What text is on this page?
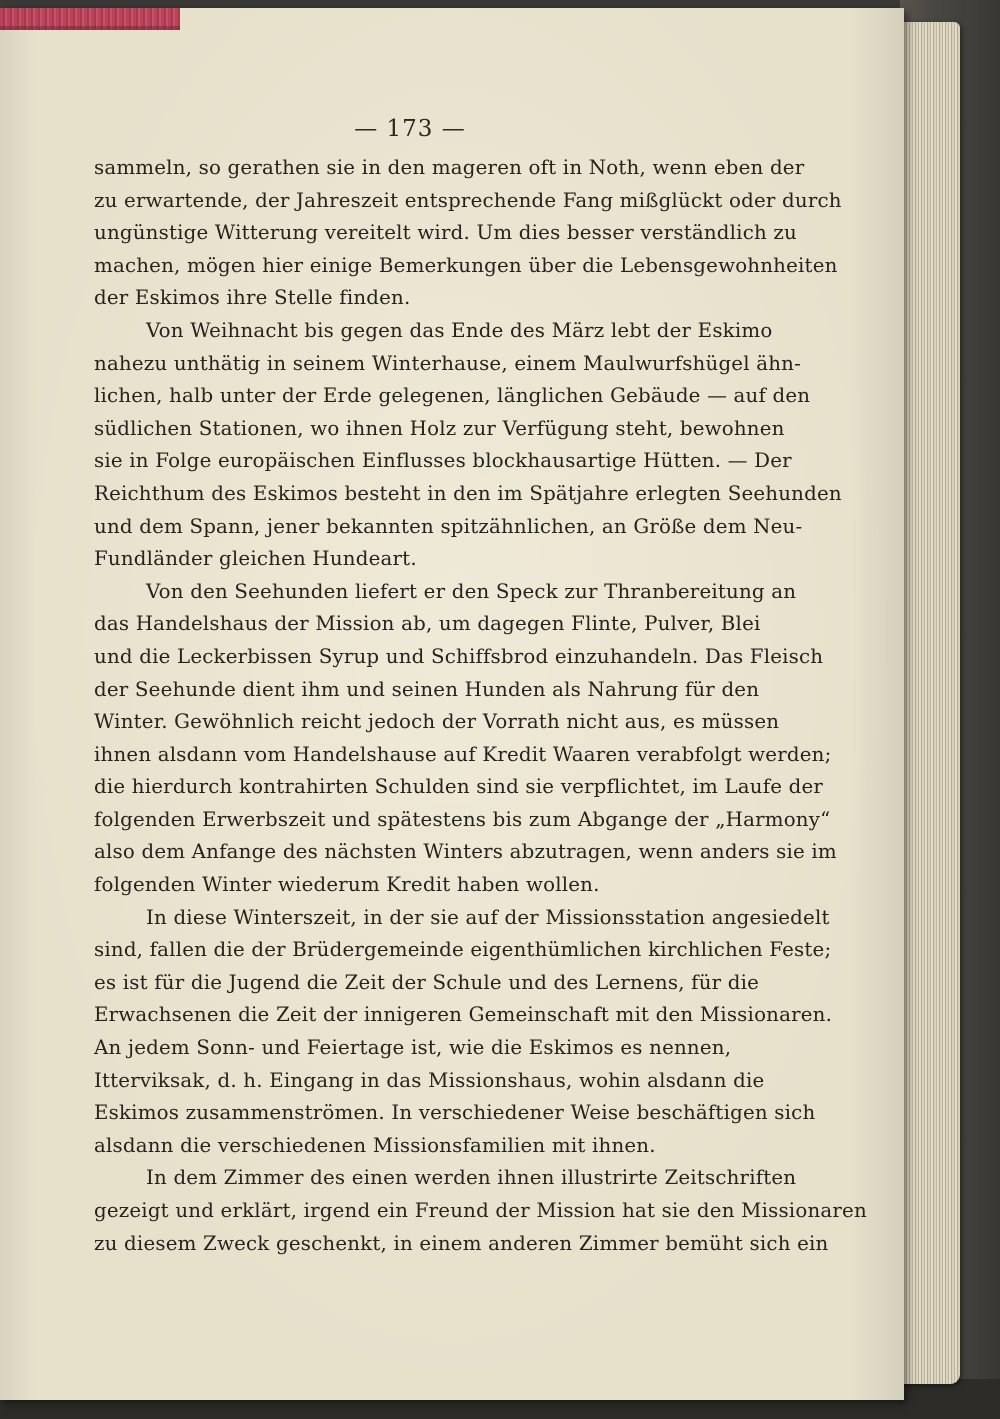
— 173 —
sammeln, so gerathen sie in den mageren oft in Noth, wenn eben der
zu erwartende, der Jahreszeit entsprechende Fang mißglückt oder durch
ungünstige Witterung vereitelt wird. Um dies besser verständlich zu
machen, mögen hier einige Bemerkungen über die Lebensgewohnheiten
der Eskimos ihre Stelle finden.
Von Weihnacht bis gegen das Ende des März lebt der Eskimo
nahezu unthätig in seinem Winterhause, einem Maulwurfshügel ähn-
lichen, halb unter der Erde gelegenen, länglichen Gebäude — auf den
südlichen Stationen, wo ihnen Holz zur Verfügung steht, bewohnen
sie in Folge europäischen Einflusses blockhausartige Hütten. — Der
Reichthum des Eskimos besteht in den im Spätjahre erlegten Seehunden
und dem Spann, jener bekannten spitzähnlichen, an Größe dem Neu-
Fundländer gleichen Hundeart.
Von den Seehunden liefert er den Speck zur Thranbereitung an
das Handelshaus der Mission ab, um dagegen Flinte, Pulver, Blei
und die Leckerbissen Syrup und Schiffsbrod einzuhandeln. Das Fleisch
der Seehunde dient ihm und seinen Hunden als Nahrung für den
Winter. Gewöhnlich reicht jedoch der Vorrath nicht aus, es müssen
ihnen alsdann vom Handelshause auf Kredit Waaren verabfolgt werden;
die hierdurch kontrahirten Schulden sind sie verpflichtet, im Laufe der
folgenden Erwerbszeit und spätestens bis zum Abgange der „Harmony“
also dem Anfange des nächsten Winters abzutragen, wenn anders sie im
folgenden Winter wiederum Kredit haben wollen.
In diese Winterszeit, in der sie auf der Missionsstation angesiedelt
sind, fallen die der Brüdergemeinde eigenthümlichen kirchlichen Feste;
es ist für die Jugend die Zeit der Schule und des Lernens, für die
Erwachsenen die Zeit der innigeren Gemeinschaft mit den Missionaren.
An jedem Sonn- und Feiertage ist, wie die Eskimos es nennen,
Itterviksak, d. h. Eingang in das Missionshaus, wohin alsdann die
Eskimos zusammenströmen. In verschiedener Weise beschäftigen sich
alsdann die verschiedenen Missionsfamilien mit ihnen.
In dem Zimmer des einen werden ihnen illustrirte Zeitschriften
gezeigt und erklärt, irgend ein Freund der Mission hat sie den Missionaren
zu diesem Zweck geschenkt, in einem anderen Zimmer bemüht sich ein
